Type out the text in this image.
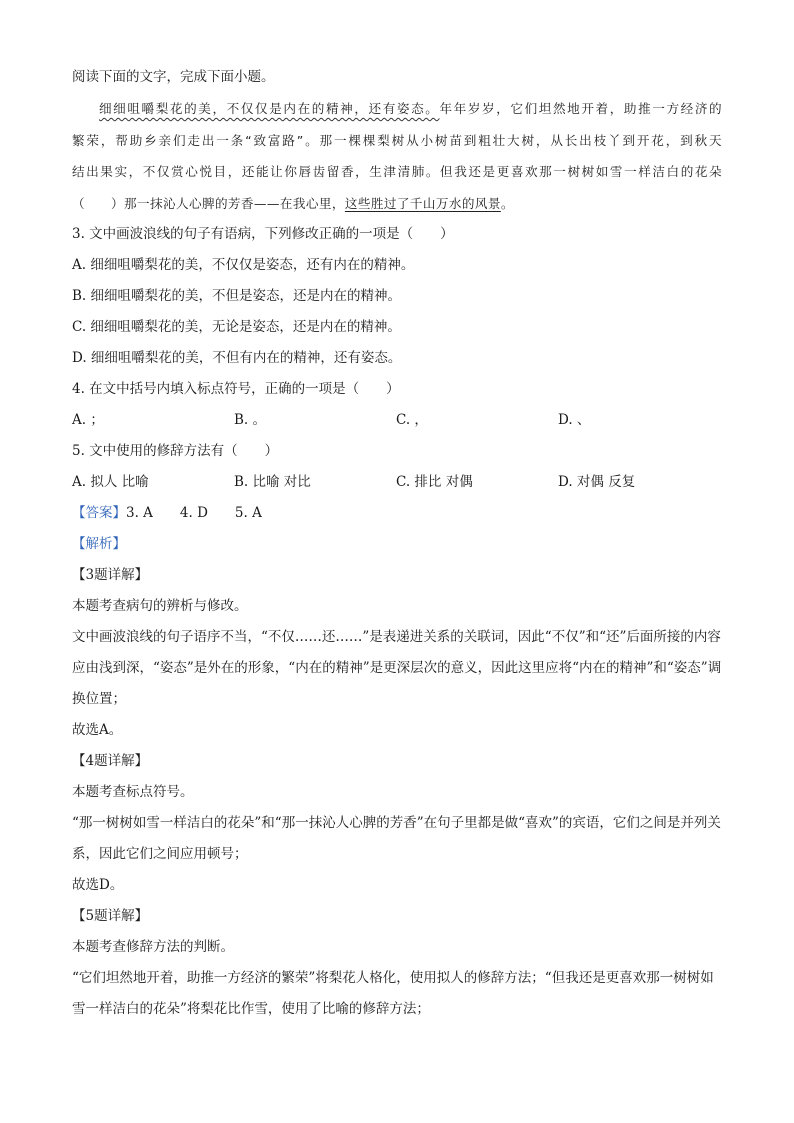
阅读下面的文字，完成下面小题。
细细咀嚼梨花的美，不仅仅是内在的精神，还有姿态。年年岁岁，它们坦然地开着，助推一方经济的
繁荣，帮助乡亲们走出一条“致富路”。那一棵棵梨树从小树苗到粗壮大树，从长出枝丫到开花，到秋天
结出果实，不仅赏心悦目，还能让你唇齿留香，生津清肺。但我还是更喜欢那一树树如雪一样洁白的花朵
（　　）那一抹沁人心脾的芳香——在我心里，这些胜过了千山万水的风景。
3. 文中画波浪线的句子有语病，下列修改正确的一项是（　　）
A. 细细咀嚼梨花的美，不仅仅是姿态，还有内在的精神。
B. 细细咀嚼梨花的美，不但是姿态，还是内在的精神。
C. 细细咀嚼梨花的美，无论是姿态，还是内在的精神。
D. 细细咀嚼梨花的美，不但有内在的精神，还有姿态。
4. 在文中括号内填入标点符号，正确的一项是（　　）
A. ；	B. 。	C. ，	D. 、
5. 文中使用的修辞方法有（　　）
A. 拟人 比喻	B. 比喻 对比	C. 排比 对偶	D. 对偶 反复
【答案】3. A　　4. D　　5. A
【解析】
【3题详解】
本题考查病句的辨析与修改。
文中画波浪线的句子语序不当，“不仅……还……”是表递进关系的关联词，因此“不仅”和“还”后面所接的内容应由浅到深，“姿态”是外在的形象，“内在的精神”是更深层次的意义，因此这里应将“内在的精神”和“姿态”调换位置；
故选A。
【4题详解】
本题考查标点符号。
“那一树树如雪一样洁白的花朵”和“那一抹沁人心脾的芳香”在句子里都是做“喜欢”的宾语，它们之间是并列关系，因此它们之间应用顿号；
故选D。
【5题详解】
本题考查修辞方法的判断。
“它们坦然地开着，助推一方经济的繁荣”将梨花人格化，使用拟人的修辞方法；“但我还是更喜欢那一树树如雪一样洁白的花朵”将梨花比作雪，使用了比喻的修辞方法；
